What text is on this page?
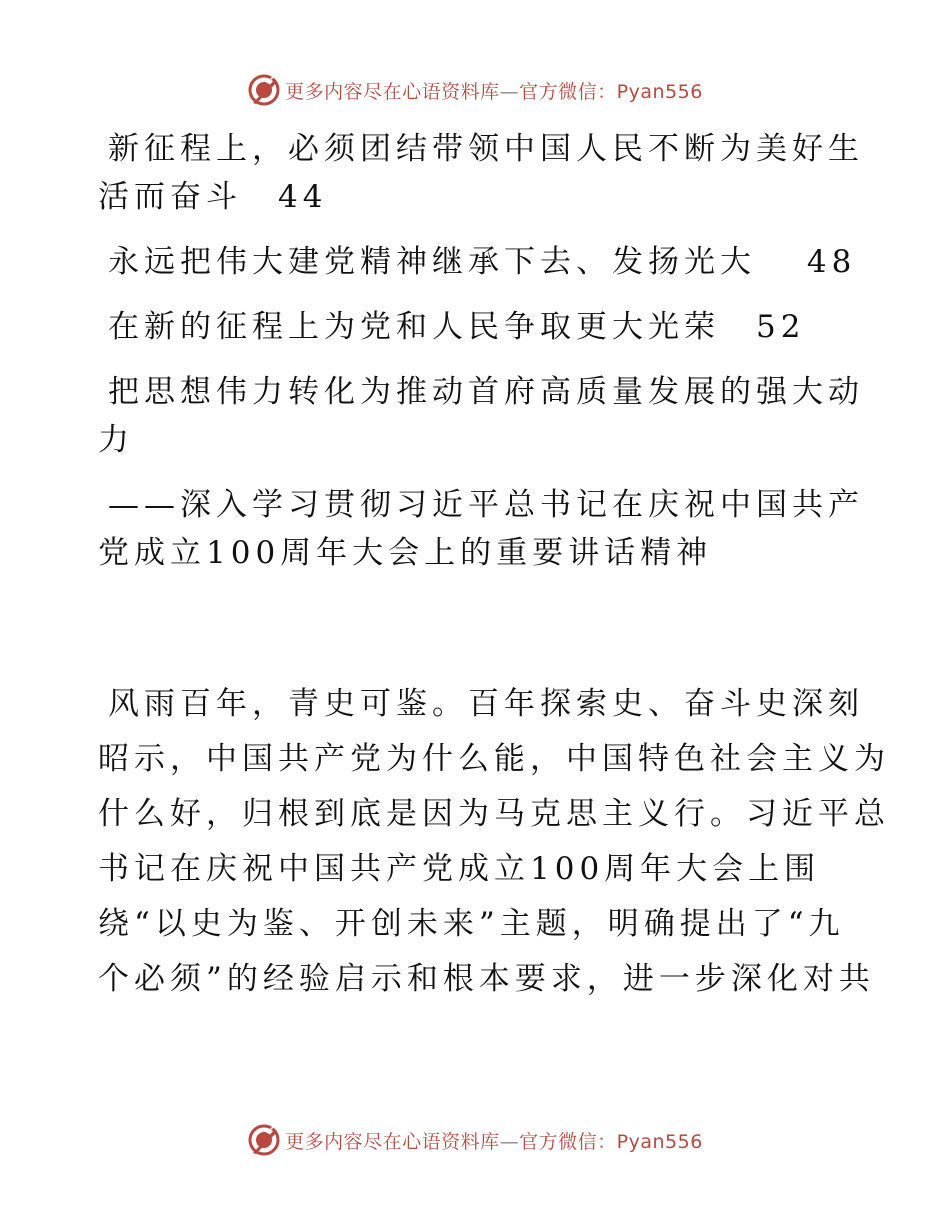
更多内容尽在心语资料库—官方微信：Pyan556

新征程上，必须团结带领中国人民不断为美好生

活而奋斗　44

永远把伟大建党精神继承下去、发扬光大　 48

在新的征程上为党和人民争取更大光荣　52

把思想伟力转化为推动首府高质量发展的强大动

力

——深入学习贯彻习近平总书记在庆祝中国共产

党成立100周年大会上的重要讲话精神

风雨百年，青史可鉴。百年探索史、奋斗史深刻

昭示，中国共产党为什么能，中国特色社会主义为

什么好，归根到底是因为马克思主义行。习近平总

书记在庆祝中国共产党成立100周年大会上围

绕“以史为鉴、开创未来”主题，明确提出了“九

个必须”的经验启示和根本要求，进一步深化对共

更多内容尽在心语资料库—官方微信：Pyan556
